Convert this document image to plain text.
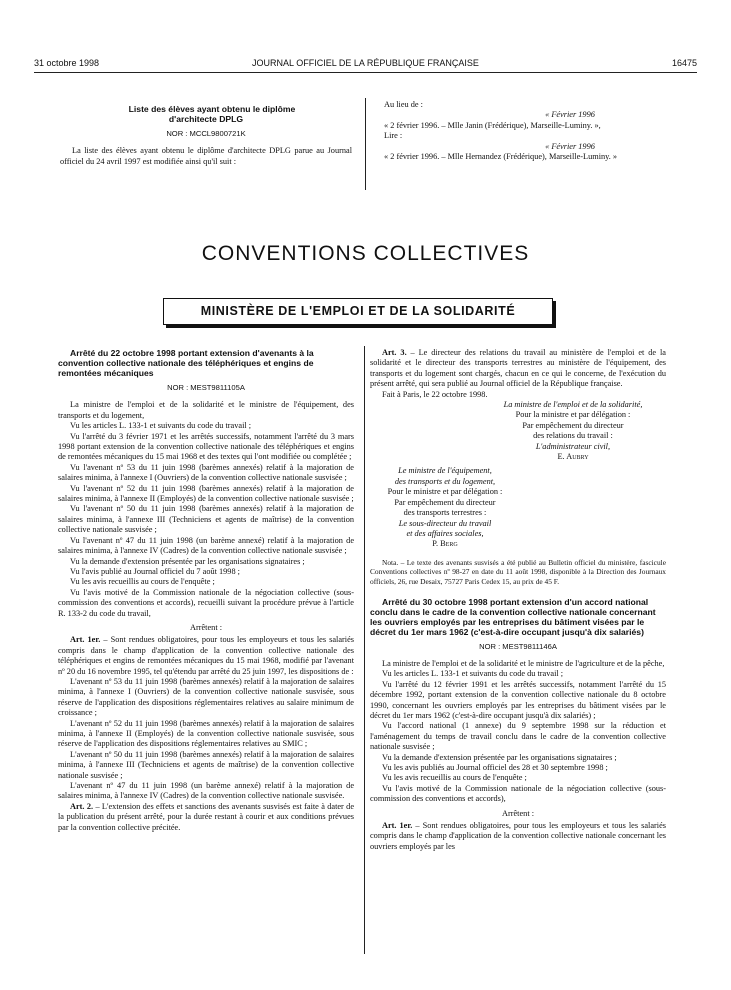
31 octobre 1998	JOURNAL OFFICIEL DE LA RÉPUBLIQUE FRANÇAISE	16475

Liste des élèves ayant obtenu le diplôme d'architecte DPLG

NOR : MCCL9800721K

La liste des élèves ayant obtenu le diplôme d'architecte DPLG parue au Journal officiel du 24 avril 1997 est modifiée ainsi qu'il suit :

Au lieu de :

« Février 1996

« 2 février 1996. – Mlle Janin (Frédérique), Marseille-Luminy. »,

Lire :

« Février 1996

« 2 février 1996. – Mlle Hernandez (Frédérique), Marseille-Luminy. »

CONVENTIONS COLLECTIVES
MINISTÈRE DE L'EMPLOI ET DE LA SOLIDARITÉ

Arrêté du 22 octobre 1998 portant extension d'avenants à la convention collective nationale des téléphériques et engins de remontées mécaniques

NOR : MEST9811105A

La ministre de l'emploi et de la solidarité et le ministre de l'équipement, des transports et du logement,

Vu les articles L. 133-1 et suivants du code du travail ;

Vu l'arrêté du 3 février 1971 et les arrêtés successifs, notamment l'arrêté du 3 mars 1998 portant extension de la convention collective nationale des téléphériques et engins de remontées mécaniques du 15 mai 1968 et des textes qui l'ont modifiée ou complétée ;

Vu l'avenant nº 53 du 11 juin 1998 (barèmes annexés) relatif à la majoration de salaires minima, à l'annexe I (Ouvriers) de la convention collective nationale susvisée ;

Vu l'avenant nº 52 du 11 juin 1998 (barèmes annexés) relatif à la majoration de salaires minima, à l'annexe II (Employés) de la convention collective nationale susvisée ;

Vu l'avenant nº 50 du 11 juin 1998 (barèmes annexés) relatif à la majoration de salaires minima, à l'annexe III (Techniciens et agents de maîtrise) de la convention collective nationale susvisée ;

Vu l'avenant nº 47 du 11 juin 1998 (un barème annexé) relatif à la majoration de salaires minima, à l'annexe IV (Cadres) de la convention collective nationale susvisée ;

Vu la demande d'extension présentée par les organisations signataires ;

Vu l'avis publié au Journal officiel du 7 août 1998 ;

Vu les avis recueillis au cours de l'enquête ;

Vu l'avis motivé de la Commission nationale de la négociation collective (sous-commission des conventions et accords), recueilli suivant la procédure prévue à l'article R. 133-2 du code du travail,

Arrêtent :

Art. 1er. – Sont rendues obligatoires, pour tous les employeurs et tous les salariés compris dans le champ d'application de la convention collective nationale des téléphériques et engins de remontées mécaniques du 15 mai 1968, modifié par l'avenant nº 20 du 16 novembre 1995, tel qu'étendu par arrêté du 25 juin 1997, les dispositions de :

L'avenant nº 53 du 11 juin 1998 (barèmes annexés) relatif à la majoration de salaires minima, à l'annexe I (Ouvriers) de la convention collective nationale susvisée, sous réserve de l'application des dispositions réglementaires relatives au salaire minimum de croissance ;

L'avenant nº 52 du 11 juin 1998 (barèmes annexés) relatif à la majoration de salaires minima, à l'annexe II (Employés) de la convention collective nationale susvisée, sous réserve de l'application des dispositions réglementaires relatives au SMIC ;

L'avenant nº 50 du 11 juin 1998 (barèmes annexés) relatif à la majoration de salaires minima, à l'annexe III (Techniciens et agents de maîtrise) de la convention collective nationale susvisée ;

L'avenant nº 47 du 11 juin 1998 (un barème annexé) relatif à la majoration de salaires minima, à l'annexe IV (Cadres) de la convention collective nationale susvisée.

Art. 2. – L'extension des effets et sanctions des avenants susvisés est faite à dater de la publication du présent arrêté, pour la durée restant à courir et aux conditions prévues par la convention collective précitée.

Art. 3. – Le directeur des relations du travail au ministère de l'emploi et de la solidarité et le directeur des transports terrestres au ministère de l'équipement, des transports et du logement sont chargés, chacun en ce qui le concerne, de l'exécution du présent arrêté, qui sera publié au Journal officiel de la République française.

Fait à Paris, le 22 octobre 1998.

La ministre de l'emploi et de la solidarité,
Pour la ministre et par délégation :
Par empêchement du directeur
des relations du travail :
L'administrateur civil,
E. Aubry
Le ministre de l'équipement,
des transports et du logement,
Pour le ministre et par délégation :
Par empêchement du directeur
des transports terrestres :
Le sous-directeur du travail
et des affaires sociales,
P. Berg

Nota. – Le texte des avenants susvisés a été publié au Bulletin officiel du ministère, fascicule Conventions collectives nº 98-27 en date du 11 août 1998, disponible à la Direction des Journaux officiels, 26, rue Desaix, 75727 Paris Cedex 15, au prix de 45 F.

Arrêté du 30 octobre 1998 portant extension d'un accord national conclu dans le cadre de la convention collective nationale concernant les ouvriers employés par les entreprises du bâtiment visées par le décret du 1er mars 1962 (c'est-à-dire occupant jusqu'à dix salariés)

NOR : MEST9811146A

La ministre de l'emploi et de la solidarité et le ministre de l'agriculture et de la pêche,

Vu les articles L. 133-1 et suivants du code du travail ;

Vu l'arrêté du 12 février 1991 et les arrêtés successifs, notamment l'arrêté du 15 décembre 1992, portant extension de la convention collective nationale du 8 octobre 1990, concernant les ouvriers employés par les entreprises du bâtiment visées par le décret du 1er mars 1962 (c'est-à-dire occupant jusqu'à dix salariés) ;

Vu l'accord national (1 annexe) du 9 septembre 1998 sur la réduction et l'aménagement du temps de travail conclu dans le cadre de la convention collective nationale susvisée ;

Vu la demande d'extension présentée par les organisations signataires ;

Vu les avis publiés au Journal officiel des 28 et 30 septembre 1998 ;

Vu les avis recueillis au cours de l'enquête ;

Vu l'avis motivé de la Commission nationale de la négociation collective (sous-commission des conventions et accords),

Arrêtent :

Art. 1er. – Sont rendues obligatoires, pour tous les employeurs et tous les salariés compris dans le champ d'application de la convention collective nationale concernant les ouvriers employés par les
